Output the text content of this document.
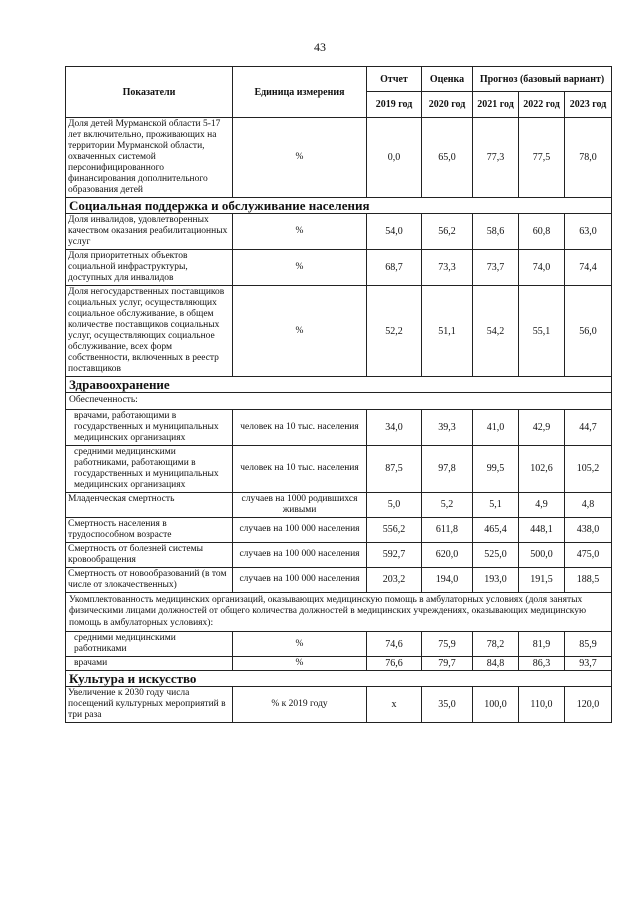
43
Показатели	Единица измерения	Отчет	Оценка	Прогноз (базовый вариант)		
		2019 год	2020 год	2021 год	2022 год	2023 год
Доля детей Мурманской области 5-17 лет включительно, проживающих на территории Мурманской области, охваченных системой персонифицированного финансирования дополнительного образования детей	%	0,0	65,0	77,3	77,5	78,0
Социальная поддержка и обслуживание населения						
Доля инвалидов, удовлетворенных качеством оказания реабилитационных услуг	%	54,0	56,2	58,6	60,8	63,0
Доля приоритетных объектов социальной инфраструктуры, доступных для инвалидов	%	68,7	73,3	73,7	74,0	74,4
Доля негосударственных поставщиков социальных услуг, осуществляющих социальное обслуживание, в общем количестве поставщиков социальных услуг, осуществляющих социальное обслуживание, всех форм собственности, включенных в реестр поставщиков	%	52,2	51,1	54,2	55,1	56,0
Здравоохранение						
Обеспеченность:						
врачами, работающими в государственных и муниципальных медицинских организациях	человек на 10 тыс. населения	34,0	39,3	41,0	42,9	44,7
средними медицинскими работниками, работающими в государственных и муниципальных медицинских организациях	человек на 10 тыс. населения	87,5	97,8	99,5	102,6	105,2
Младенческая смертность	случаев на 1000 родившихся живыми	5,0	5,2	5,1	4,9	4,8
Смертность населения в трудоспособном возрасте	случаев на 100 000 населения	556,2	611,8	465,4	448,1	438,0
Смертность от болезней системы кровообращения	случаев на 100 000 населения	592,7	620,0	525,0	500,0	475,0
Смертность от новообразований (в том числе от злокачественных)	случаев на 100 000 населения	203,2	194,0	193,0	191,5	188,5
Укомплектованность медицинских организаций, оказывающих медицинскую помощь в амбулаторных условиях (доля занятых физическими лицами должностей от общего количества должностей в медицинских учреждениях, оказывающих медицинскую помощь в амбулаторных условиях):						
средними медицинскими работниками	%	74,6	75,9	78,2	81,9	85,9
врачами	%	76,6	79,7	84,8	86,3	93,7
Культура и искусство						
Увеличение к 2030 году числа посещений культурных мероприятий в три раза	% к 2019 году	х	35,0	100,0	110,0	120,0
